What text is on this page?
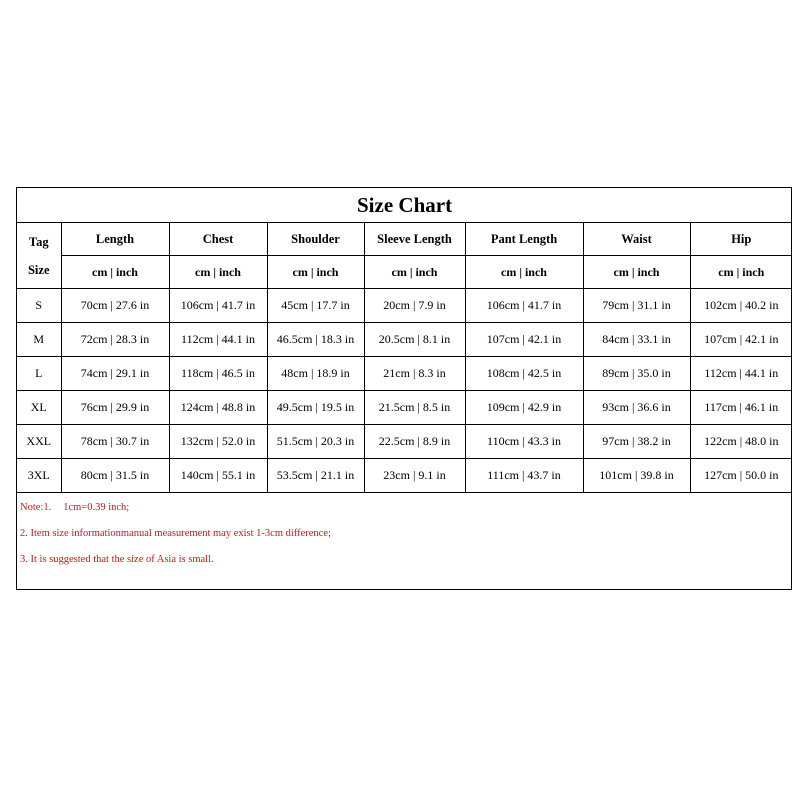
Size Chart							

Tag
Size	Length	Chest	Shoulder	Sleeve Length	Pant Length	Waist	Hip
	cm | inch	cm | inch	cm | inch	cm | inch	cm | inch	cm | inch	cm | inch
S	70cm | 27.6 in	106cm | 41.7 in	45cm | 17.7 in	20cm | 7.9 in	106cm | 41.7 in	79cm | 31.1 in	102cm | 40.2 in
M	72cm | 28.3 in	112cm | 44.1 in	46.5cm | 18.3 in	20.5cm | 8.1 in	107cm | 42.1 in	84cm | 33.1 in	107cm | 42.1 in
L	74cm | 29.1 in	118cm | 46.5 in	48cm | 18.9 in	21cm | 8.3 in	108cm | 42.5 in	89cm | 35.0 in	112cm | 44.1 in
XL	76cm | 29.9 in	124cm | 48.8 in	49.5cm | 19.5 in	21.5cm | 8.5 in	109cm | 42.9 in	93cm | 36.6 in	117cm | 46.1 in
XXL	78cm | 30.7 in	132cm | 52.0 in	51.5cm | 20.3 in	22.5cm | 8.9 in	110cm | 43.3 in	97cm | 38.2 in	122cm | 48.0 in
3XL	80cm | 31.5 in	140cm | 55.1 in	53.5cm | 21.1 in	23cm | 9.1 in	111cm | 43.7 in	101cm | 39.8 in	127cm | 50.0 in
Note:1. 1cm=0.39 inch;
2. Item size informationmanual measurement may exist 1-3cm difference;
3. It is suggested that the size of Asia is small.
